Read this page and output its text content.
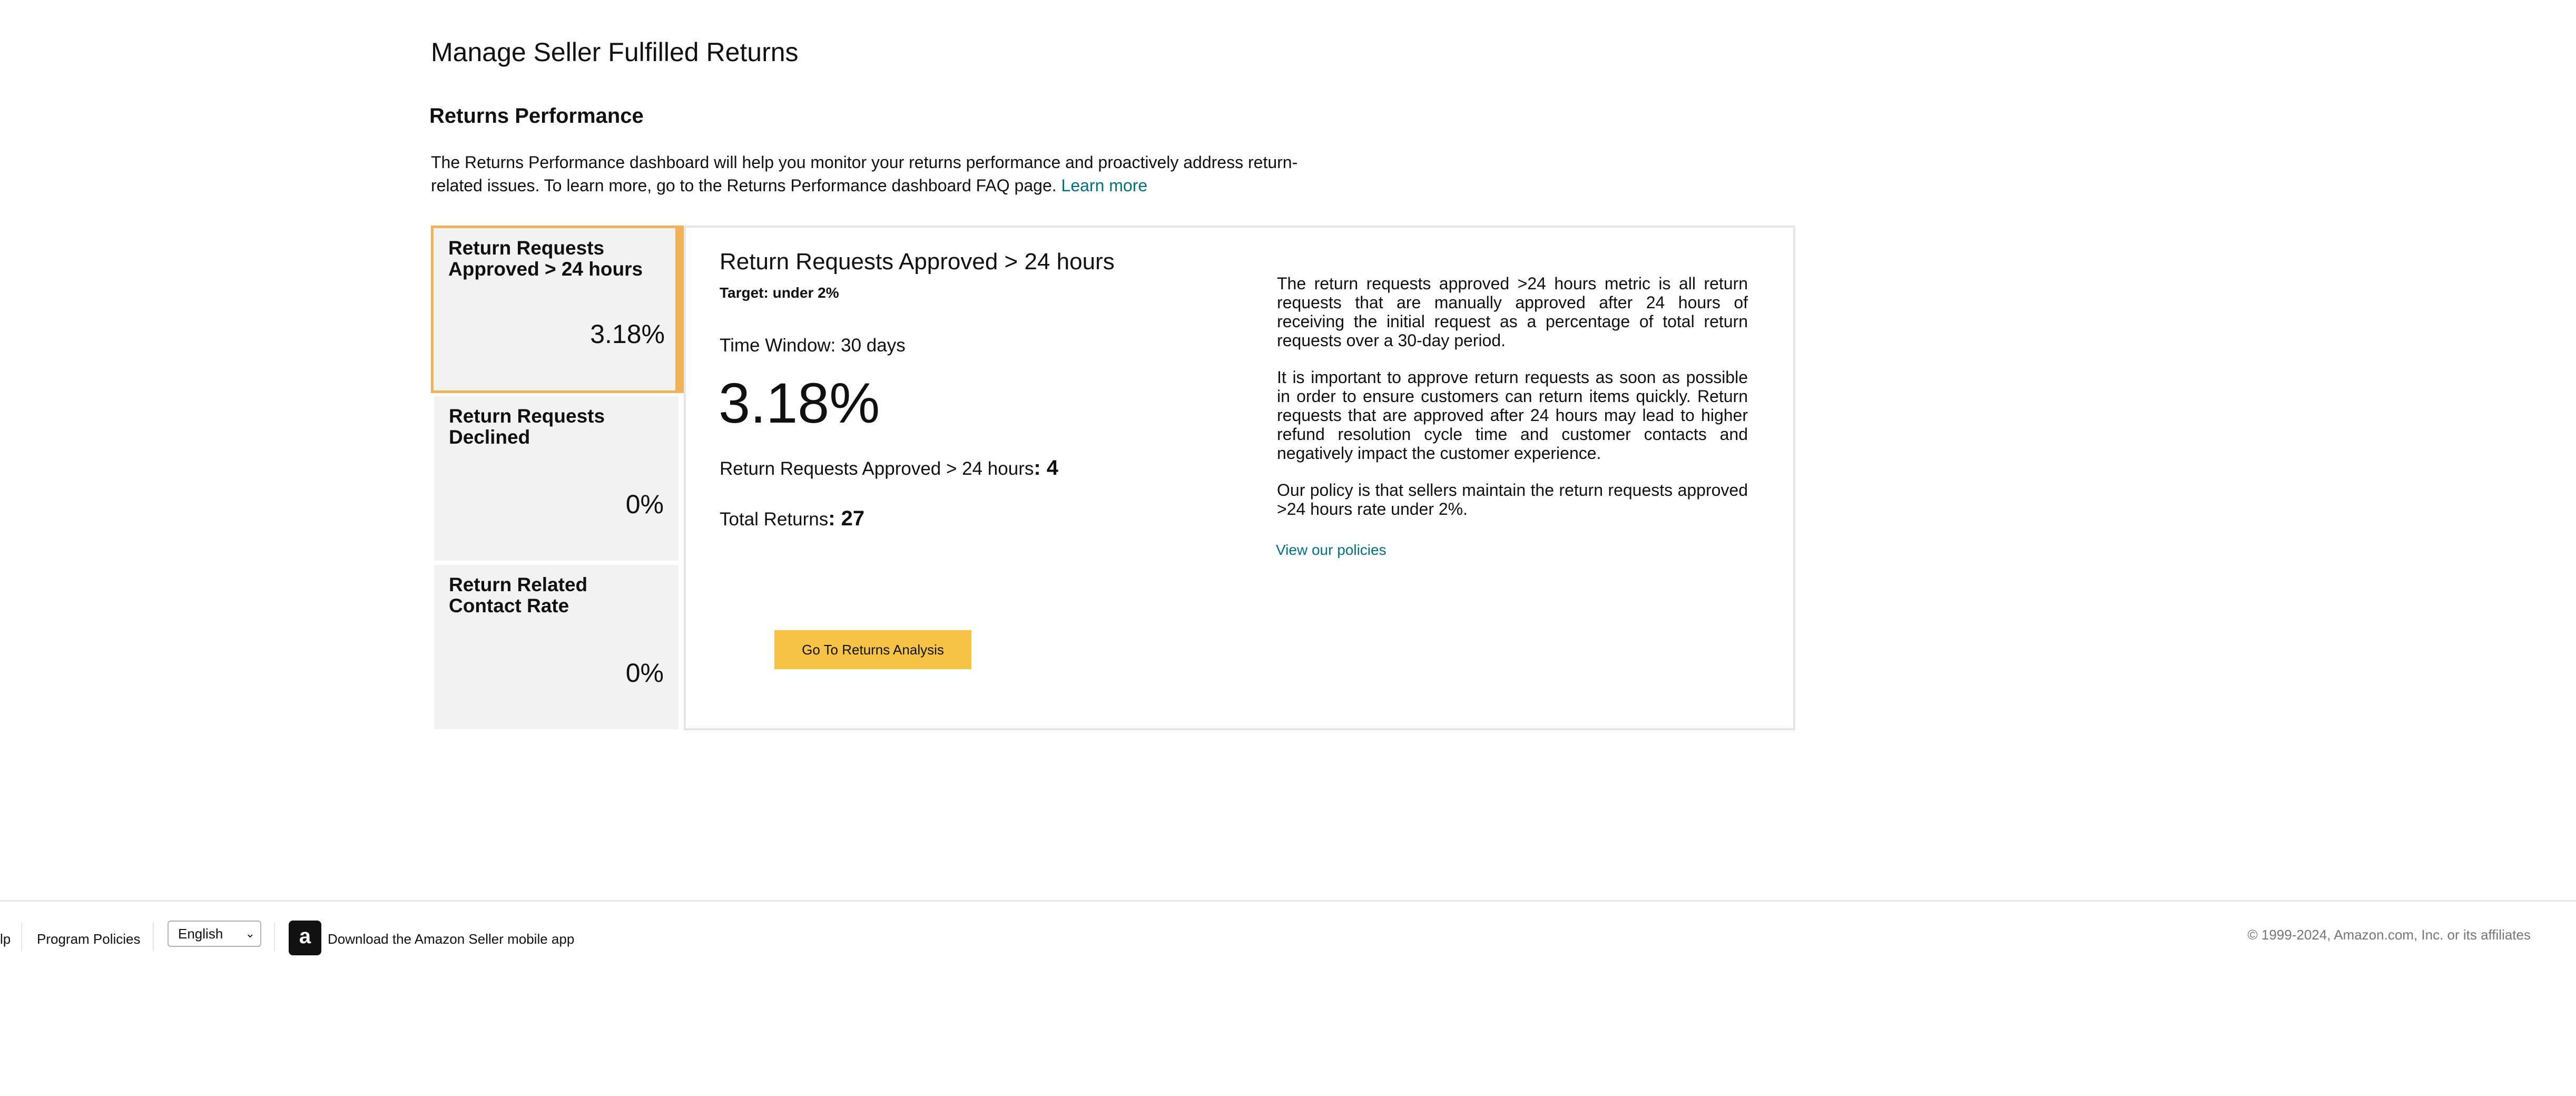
Manage Seller Fulfilled Returns
Returns Performance
The Returns Performance dashboard will help you monitor your returns performance and proactively address return-related issues. To learn more, go to the Returns Performance dashboard FAQ page. Learn more
Return Requests Approved > 24 hours
3.18%
Return Requests Declined
0%
Return Related Contact Rate
0%
Return Requests Approved > 24 hours
Target: under 2%
Time Window: 30 days
3.18%
Return Requests Approved > 24 hours: 4
Total Returns: 27
Go To Returns Analysis

The return requests approved >24 hours metric is all return requests that are manually approved after 24 hours of receiving the initial request as a percentage of total return requests over a 30-day period.

It is important to approve return requests as soon as possible in order to ensure customers can return items quickly. Return requests that are approved after 24 hours may lead to higher refund resolution cycle time and customer contacts and negatively impact the customer experience.

Our policy is that sellers maintain the return requests approved >24 hours rate under 2%.

View our policies
lp Program Policies	English ⌄	a	Download the Amazon Seller mobile app	© 1999-2024, Amazon.com, Inc. or its affiliates
